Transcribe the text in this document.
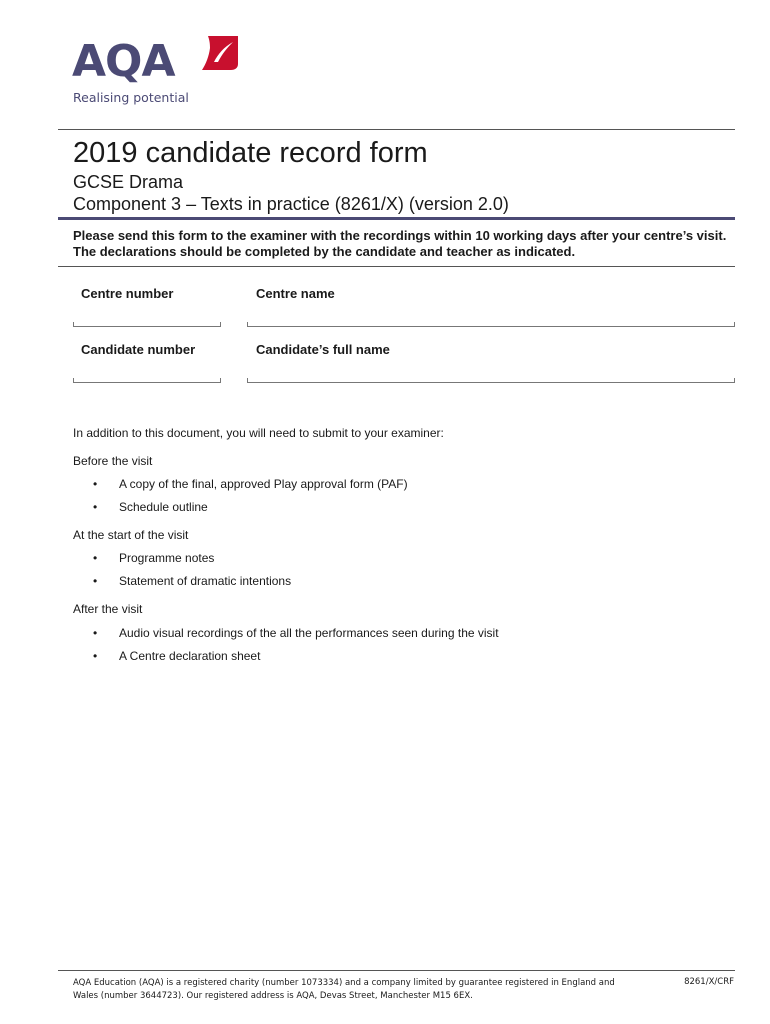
AQA
Realising potential
2019 candidate record form
GCSE Drama
Component 3 – Texts in practice (8261/X) (version 2.0)

Please send this form to the examiner with the recordings within 10 working days after your centre’s visit. The declarations should be completed by the candidate and teacher as indicated.

Centre number	Centre name
Candidate number	Candidate’s full name

In addition to this document, you will need to submit to your examiner:

Before the visit

• A copy of the final, approved Play approval form (PAF)
• Schedule outline

At the start of the visit

• Programme notes
• Statement of dramatic intentions

After the visit

• Audio visual recordings of the all the performances seen during the visit
• A Centre declaration sheet

AQA Education (AQA) is a registered charity (number 1073334) and a company limited by guarantee registered in England and Wales (number 3644723). Our registered address is AQA, Devas Street, Manchester M15 6EX.

8261/X/CRF
